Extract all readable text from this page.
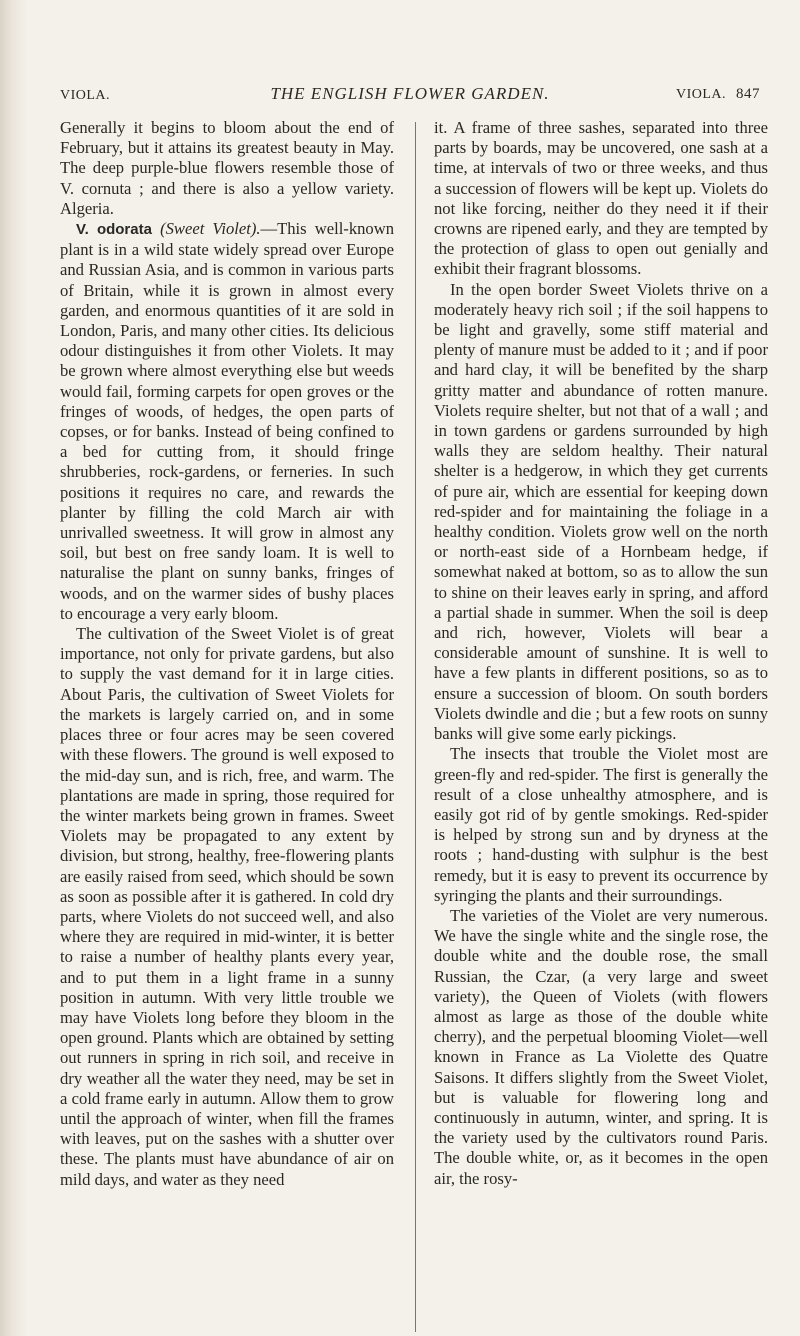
VIOLA.	THE ENGLISH FLOWER GARDEN.	VIOLA. 847

Generally it begins to bloom about the end of February, but it attains its greatest beauty in May. The deep purple-blue flowers resemble those of V. cornuta ; and there is also a yellow variety. Algeria.

V. odorata (Sweet Violet).—This well-known plant is in a wild state widely spread over Europe and Russian Asia, and is common in various parts of Britain, while it is grown in almost every garden, and enormous quantities of it are sold in London, Paris, and many other cities. Its delicious odour distinguishes it from other Violets. It may be grown where almost everything else but weeds would fail, forming carpets for open groves or the fringes of woods, of hedges, the open parts of copses, or for banks. Instead of being confined to a bed for cutting from, it should fringe shrubberies, rock-gardens, or ferneries. In such positions it requires no care, and rewards the planter by filling the cold March air with unrivalled sweetness. It will grow in almost any soil, but best on free sandy loam. It is well to naturalise the plant on sunny banks, fringes of woods, and on the warmer sides of bushy places to encourage a very early bloom.

The cultivation of the Sweet Violet is of great importance, not only for private gardens, but also to supply the vast demand for it in large cities. About Paris, the cultivation of Sweet Violets for the markets is largely carried on, and in some places three or four acres may be seen covered with these flowers. The ground is well exposed to the mid-day sun, and is rich, free, and warm. The plantations are made in spring, those required for the winter markets being grown in frames. Sweet Violets may be propagated to any extent by division, but strong, healthy, free-flowering plants are easily raised from seed, which should be sown as soon as possible after it is gathered. In cold dry parts, where Violets do not succeed well, and also where they are required in mid-winter, it is better to raise a number of healthy plants every year, and to put them in a light frame in a sunny position in autumn. With very little trouble we may have Violets long before they bloom in the open ground. Plants which are obtained by setting out runners in spring in rich soil, and receive in dry weather all the water they need, may be set in a cold frame early in autumn. Allow them to grow until the approach of winter, when fill the frames with leaves, put on the sashes with a shutter over these. The plants must have abundance of air on mild days, and water as they need

it. A frame of three sashes, separated into three parts by boards, may be uncovered, one sash at a time, at intervals of two or three weeks, and thus a succession of flowers will be kept up. Violets do not like forcing, neither do they need it if their crowns are ripened early, and they are tempted by the protection of glass to open out genially and exhibit their fragrant blossoms.

In the open border Sweet Violets thrive on a moderately heavy rich soil ; if the soil happens to be light and gravelly, some stiff material and plenty of manure must be added to it ; and if poor and hard clay, it will be benefited by the sharp gritty matter and abundance of rotten manure. Violets require shelter, but not that of a wall ; and in town gardens or gardens surrounded by high walls they are seldom healthy. Their natural shelter is a hedgerow, in which they get currents of pure air, which are essential for keeping down red-spider and for maintaining the foliage in a healthy condition. Violets grow well on the north or north-east side of a Hornbeam hedge, if somewhat naked at bottom, so as to allow the sun to shine on their leaves early in spring, and afford a partial shade in summer. When the soil is deep and rich, however, Violets will bear a considerable amount of sunshine. It is well to have a few plants in different positions, so as to ensure a succession of bloom. On south borders Violets dwindle and die ; but a few roots on sunny banks will give some early pickings.

The insects that trouble the Violet most are green-fly and red-spider. The first is generally the result of a close unhealthy atmosphere, and is easily got rid of by gentle smokings. Red-spider is helped by strong sun and by dryness at the roots ; hand-dusting with sulphur is the best remedy, but it is easy to prevent its occurrence by syringing the plants and their surroundings.

The varieties of the Violet are very numerous. We have the single white and the single rose, the double white and the double rose, the small Russian, the Czar, (a very large and sweet variety), the Queen of Violets (with flowers almost as large as those of the double white cherry), and the perpetual blooming Violet—well known in France as La Violette des Quatre Saisons. It differs slightly from the Sweet Violet, but is valuable for flowering long and continuously in autumn, winter, and spring. It is the variety used by the cultivators round Paris. The double white, or, as it becomes in the open air, the rosy-
